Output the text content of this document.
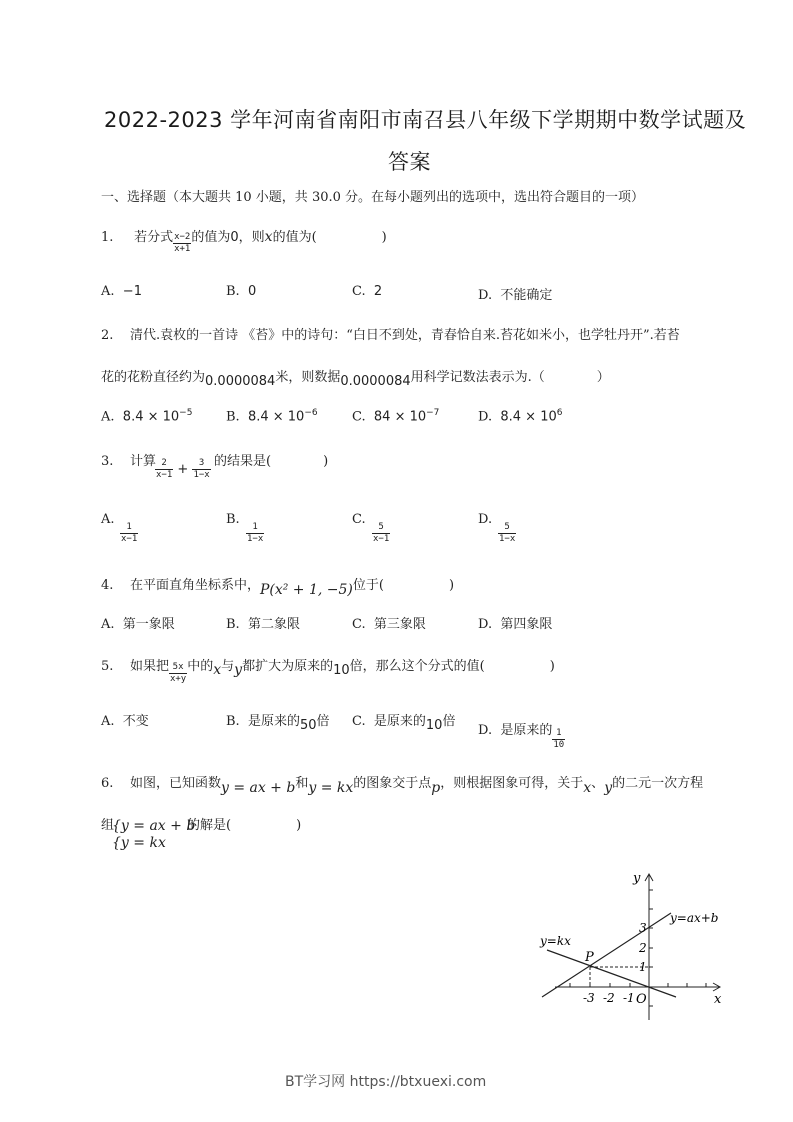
2022-2023 学年河南省南阳市南召县八年级下学期期中数学试题及
答案
一、选择题（本大题共 10 小题，共 30.0 分。在每小题列出的选项中，选出符合题目的一项）
1. 若分式 $\frac{x-2}{x+1}$ 的值为0，则x的值为(　　　　　)
A. −1	B. 0	C. 2	D. 不能确定
2. 清代.袁枚的一首诗 《苔》中的诗句：“白日不到处，青春恰自来.苔花如米小，也学牡丹开”.若苔
花的花粉直径约为0.0000084米，则数据0.0000084用科学记数法表示为.（　　　　）
A. $8.4 \times 10^{-5}$	B. $8.4 \times 10^{-6}$	C. $84 \times 10^{-7}$	D. $8.4 \times 10^6$
3. 计算 $\frac{2}{x-1} + \frac{3}{1-x}$ 的结果是(　　　　)
A.
$\frac{1}{x-1}$
B.
$\frac{1}{1-x}$
C.
$\frac{5}{x-1}$
D.
$\frac{5}{1-x}$
4. 在平面直角坐标系中，P(x² + 1, −5)位于(　　　　　)
A. 第一象限	B. 第二象限	C. 第三象限	D. 第四象限
5. 如果把 $\frac{5x}{x+y}$ 中的x与y都扩大为原来的10倍，那么这个分式的值(　　　　　)
A. 不变	B. 是原来的50倍 C. 是原来的10倍
D. 是原来的 $\frac{1}{10}$
6. 如图，已知函数y = ax + b和y = kx的图象交于点p，则根据图象可得，关于x、y的二元一次方程
组
{y = ax + b
{y = kx
的解是(　　　　　)
y
x
O
y=ax+b
y=kx
P
-3 -2 -1
1
2
3
BT学习网 https://btxuexi.com
